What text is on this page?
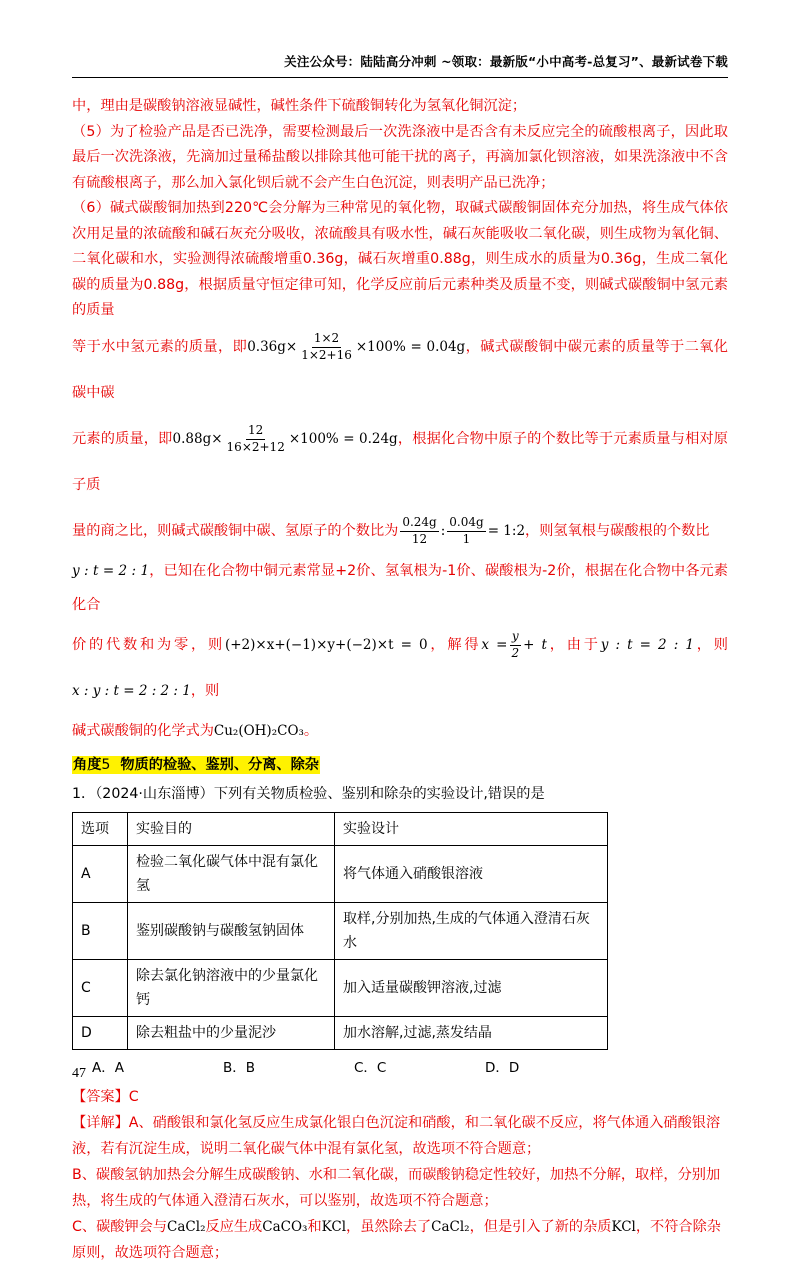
关注公众号：陆陆高分冲刺 ~领取：最新版“小中高考-总复习”、最新试卷下载

中，理由是碳酸钠溶液显碱性，碱性条件下硫酸铜转化为氢氧化铜沉淀；

（5）为了检验产品是否已洗净，需要检测最后一次洗涤液中是否含有未反应完全的硫酸根离子，因此取最后一次洗涤液，先滴加过量稀盐酸以排除其他可能干扰的离子，再滴加氯化钡溶液，如果洗涤液中不含有硫酸根离子，那么加入氯化钡后就不会产生白色沉淀，则表明产品已洗净；

（6）碱式碳酸铜加热到220℃会分解为三种常见的氧化物，取碱式碳酸铜固体充分加热，将生成气体依次用足量的浓硫酸和碱石灰充分吸收，浓硫酸具有吸水性，碱石灰能吸收二氧化碳，则生成物为氧化铜、二氧化碳和水，实验测得浓硫酸增重0.36g，碱石灰增重0.88g，则生成水的质量为0.36g，生成二氧化碳的质量为0.88g，根据质量守恒定律可知，化学反应前后元素种类及质量不变，则碱式碳酸铜中氢元素的质量

等于水中氢元素的质量，即$0.36g\times \frac{1\times 2}{1\times 2+16} \times 100\% = 0.04g$，碱式碳酸铜中碳元素的质量等于二氧化碳中碳

元素的质量，即$0.88g\times \frac{12}{16\times 2+12} \times 100\% = 0.24g$，根据化合物中原子的个数比等于元素质量与相对原子质

量的商之比，则碱式碳酸铜中碳、氢原子的个数比为 $\frac{0.24g}{12}$ : $\frac{0.04g}{1}$ = 1:2，则氢氧根与碳酸根的个数比

y : t = 2 : 1，已知在化合物中铜元素常显+2价、氢氧根为-1价、碳酸根为-2价，根据在化合物中各元素化合

价的代数和为零，则(+2)×x+(−1)×y+(−2)×t = 0，解得$x = \frac{y}{2} + t$，由于y : t = 2 : 1，则x : y : t = 2 : 2 : 1，则

碱式碳酸铜的化学式为Cu₂(OH)₂CO₃。

角度5 物质的检验、鉴别、分离、除杂
1．（2024·山东淄博）下列有关物质检验、鉴别和除杂的实验设计,错误的是
选项	实验目的	实验设计
A	检验二氧化碳气体中混有氯化氢	将气体通入硝酸银溶液
B	鉴别碳酸钠与碳酸氢钠固体	取样,分别加热,生成的气体通入澄清石灰水
C	除去氯化钠溶液中的少量氯化钙	加入适量碳酸钾溶液,过滤
D	除去粗盐中的少量泥沙	加水溶解,过滤,蒸发结晶
A．A	B．B	C．C	D．D

【答案】C

【详解】A、硝酸银和氯化氢反应生成氯化银白色沉淀和硝酸，和二氧化碳不反应，将气体通入硝酸银溶液，若有沉淀生成，说明二氧化碳气体中混有氯化氢，故选项不符合题意；

B、碳酸氢钠加热会分解生成碳酸钠、水和二氧化碳，而碳酸钠稳定性较好，加热不分解，取样，分别加热，将生成的气体通入澄清石灰水，可以鉴别，故选项不符合题意；

C、碳酸钾会与CaCl₂反应生成CaCO₃和KCl，虽然除去了CaCl₂，但是引入了新的杂质KCl，不符合除杂原则，故选项符合题意；

47
